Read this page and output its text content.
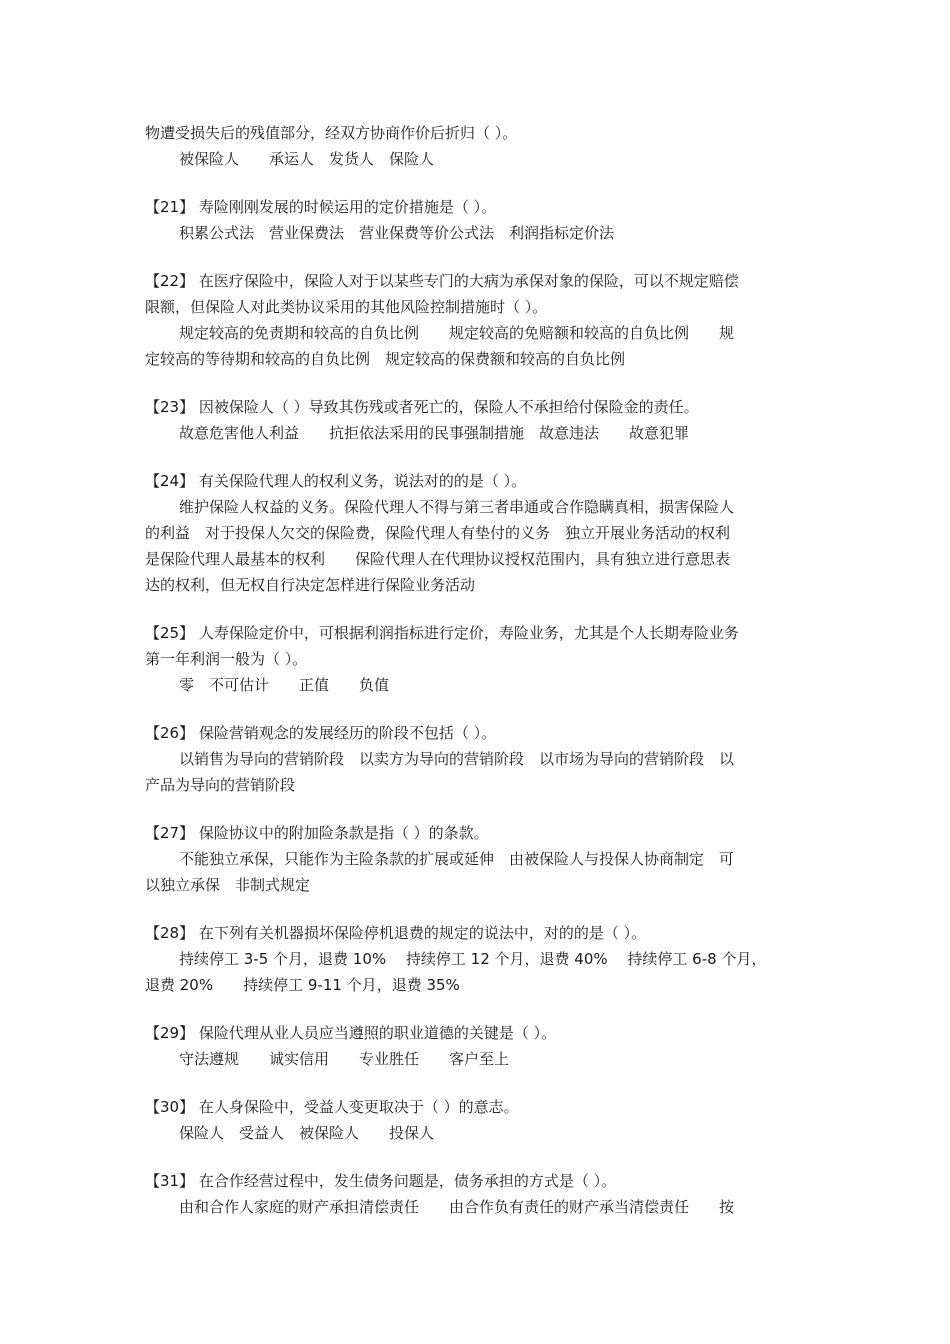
物遭受损失后的残值部分，经双方协商作价后折归（ ）。
被保险人　　承运人　发货人　保险人
【21】 寿险刚刚发展的时候运用的定价措施是（ ）。
积累公式法　营业保费法　营业保费等价公式法　利润指标定价法
【22】 在医疗保险中，保险人对于以某些专门的大病为承保对象的保险，可以不规定赔偿
限额，但保险人对此类协议采用的其他风险控制措施时（ ）。
规定较高的免责期和较高的自负比例　　规定较高的免赔额和较高的自负比例　　规
定较高的等待期和较高的自负比例　规定较高的保费额和较高的自负比例
【23】 因被保险人（ ）导致其伤残或者死亡的，保险人不承担给付保险金的责任。
故意危害他人利益　　抗拒依法采用的民事强制措施　故意违法　　故意犯罪
【24】 有关保险代理人的权利义务，说法对的的是（ ）。
维护保险人权益的义务。保险代理人不得与第三者串通或合作隐瞒真相，损害保险人
的利益　对于投保人欠交的保险费，保险代理人有垫付的义务　独立开展业务活动的权利
是保险代理人最基本的权利　　保险代理人在代理协议授权范围内，具有独立进行意思表
达的权利，但无权自行决定怎样进行保险业务活动
【25】 人寿保险定价中，可根据利润指标进行定价，寿险业务，尤其是个人长期寿险业务
第一年利润一般为（ ）。
零　不可估计　　正值　　负值
【26】 保险营销观念的发展经历的阶段不包括（ ）。
以销售为导向的营销阶段　以卖方为导向的营销阶段　以市场为导向的营销阶段　以
产品为导向的营销阶段
【27】 保险协议中的附加险条款是指（ ）的条款。
不能独立承保，只能作为主险条款的扩展或延伸　由被保险人与投保人协商制定　可
以独立承保　非制式规定
【28】 在下列有关机器损坏保险停机退费的规定的说法中，对的的是（ ）。
持续停工 3-5 个月，退费 10%　 持续停工 12 个月，退费 40%　 持续停工 6-8 个月，
退费 20%　　持续停工 9-11 个月，退费 35%
【29】 保险代理从业人员应当遵照的职业道德的关键是（ ）。
守法遵规　　诚实信用　　专业胜任　　客户至上
【30】 在人身保险中，受益人变更取决于（ ）的意志。
保险人　受益人　被保险人　　投保人
【31】 在合作经营过程中，发生债务问题是，债务承担的方式是（ ）。
由和合作人家庭的财产承担清偿责任　　由合作负有责任的财产承当清偿责任　　按
